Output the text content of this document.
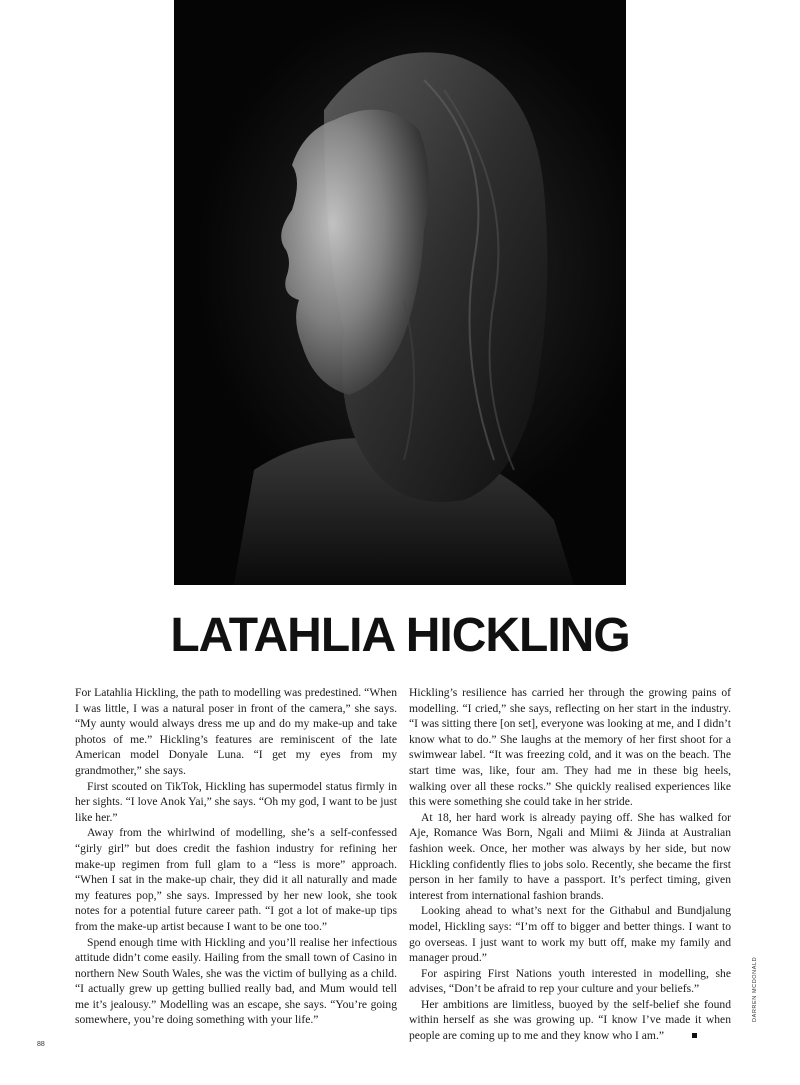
LATAHLIA HICKLING

For Latahlia Hickling, the path to modelling was predestined. “When I was little, I was a natural poser in front of the camera,” she says. “My aunty would always dress me up and do my make-up and take photos of me.” Hickling’s features are reminiscent of the late American model Donyale Luna. “I get my eyes from my grandmother,” she says.

First scouted on TikTok, Hickling has supermodel status firmly in her sights. “I love Anok Yai,” she says. “Oh my god, I want to be just like her.”

Away from the whirlwind of modelling, she’s a self-confessed “girly girl” but does credit the fashion industry for refining her make-up regimen from full glam to a “less is more” approach. “When I sat in the make-up chair, they did it all naturally and made my features pop,” she says. Impressed by her new look, she took notes for a potential future career path. “I got a lot of make-up tips from the make-up artist because I want to be one too.”

Spend enough time with Hickling and you’ll realise her infectious attitude didn’t come easily. Hailing from the small town of Casino in northern New South Wales, she was the victim of bullying as a child. “I actually grew up getting bullied really bad, and Mum would tell me it’s jealousy.” Modelling was an escape, she says. “You’re going somewhere, you’re doing something with your life.”

Hickling’s resilience has carried her through the growing pains of modelling. “I cried,” she says, reflecting on her start in the industry. “I was sitting there [on set], everyone was looking at me, and I didn’t know what to do.” She laughs at the memory of her first shoot for a swimwear label. “It was freezing cold, and it was on the beach. The start time was, like, four am. They had me in these big heels, walking over all these rocks.” She quickly realised experiences like this were something she could take in her stride.

At 18, her hard work is already paying off. She has walked for Aje, Romance Was Born, Ngali and Miimi & Jiinda at Australian fashion week. Once, her mother was always by her side, but now Hickling confidently flies to jobs solo. Recently, she became the first person in her family to have a passport. It’s perfect timing, given interest from international fashion brands.

Looking ahead to what’s next for the Githabul and Bundjalung model, Hickling says: “I’m off to bigger and better things. I want to go overseas. I just want to work my butt off, make my family and manager proud.”

For aspiring First Nations youth interested in modelling, she advises, “Don’t be afraid to rep your culture and your beliefs.”

Her ambitions are limitless, buoyed by the self-belief she found within herself as she was growing up. “I know I’ve made it when people are coming up to me and they know who I am.”

DARREN MCDONALD
88
